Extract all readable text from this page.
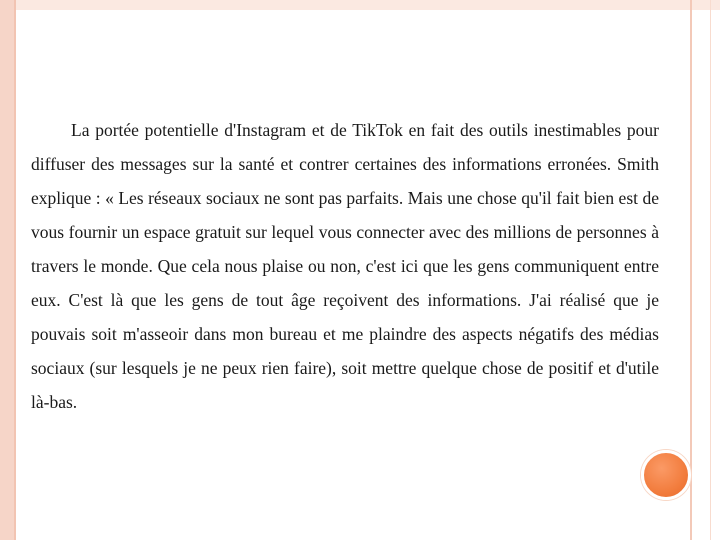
La portée potentielle d'Instagram et de TikTok en fait des outils inestimables pour diffuser des messages sur la santé et contrer certaines des informations erronées. Smith explique : « Les réseaux sociaux ne sont pas parfaits. Mais une chose qu'il fait bien est de vous fournir un espace gratuit sur lequel vous connecter avec des millions de personnes à travers le monde. Que cela nous plaise ou non, c'est ici que les gens communiquent entre eux. C'est là que les gens de tout âge reçoivent des informations. J'ai réalisé que je pouvais soit m'asseoir dans mon bureau et me plaindre des aspects négatifs des médias sociaux (sur lesquels je ne peux rien faire), soit mettre quelque chose de positif et d'utile là-bas.
